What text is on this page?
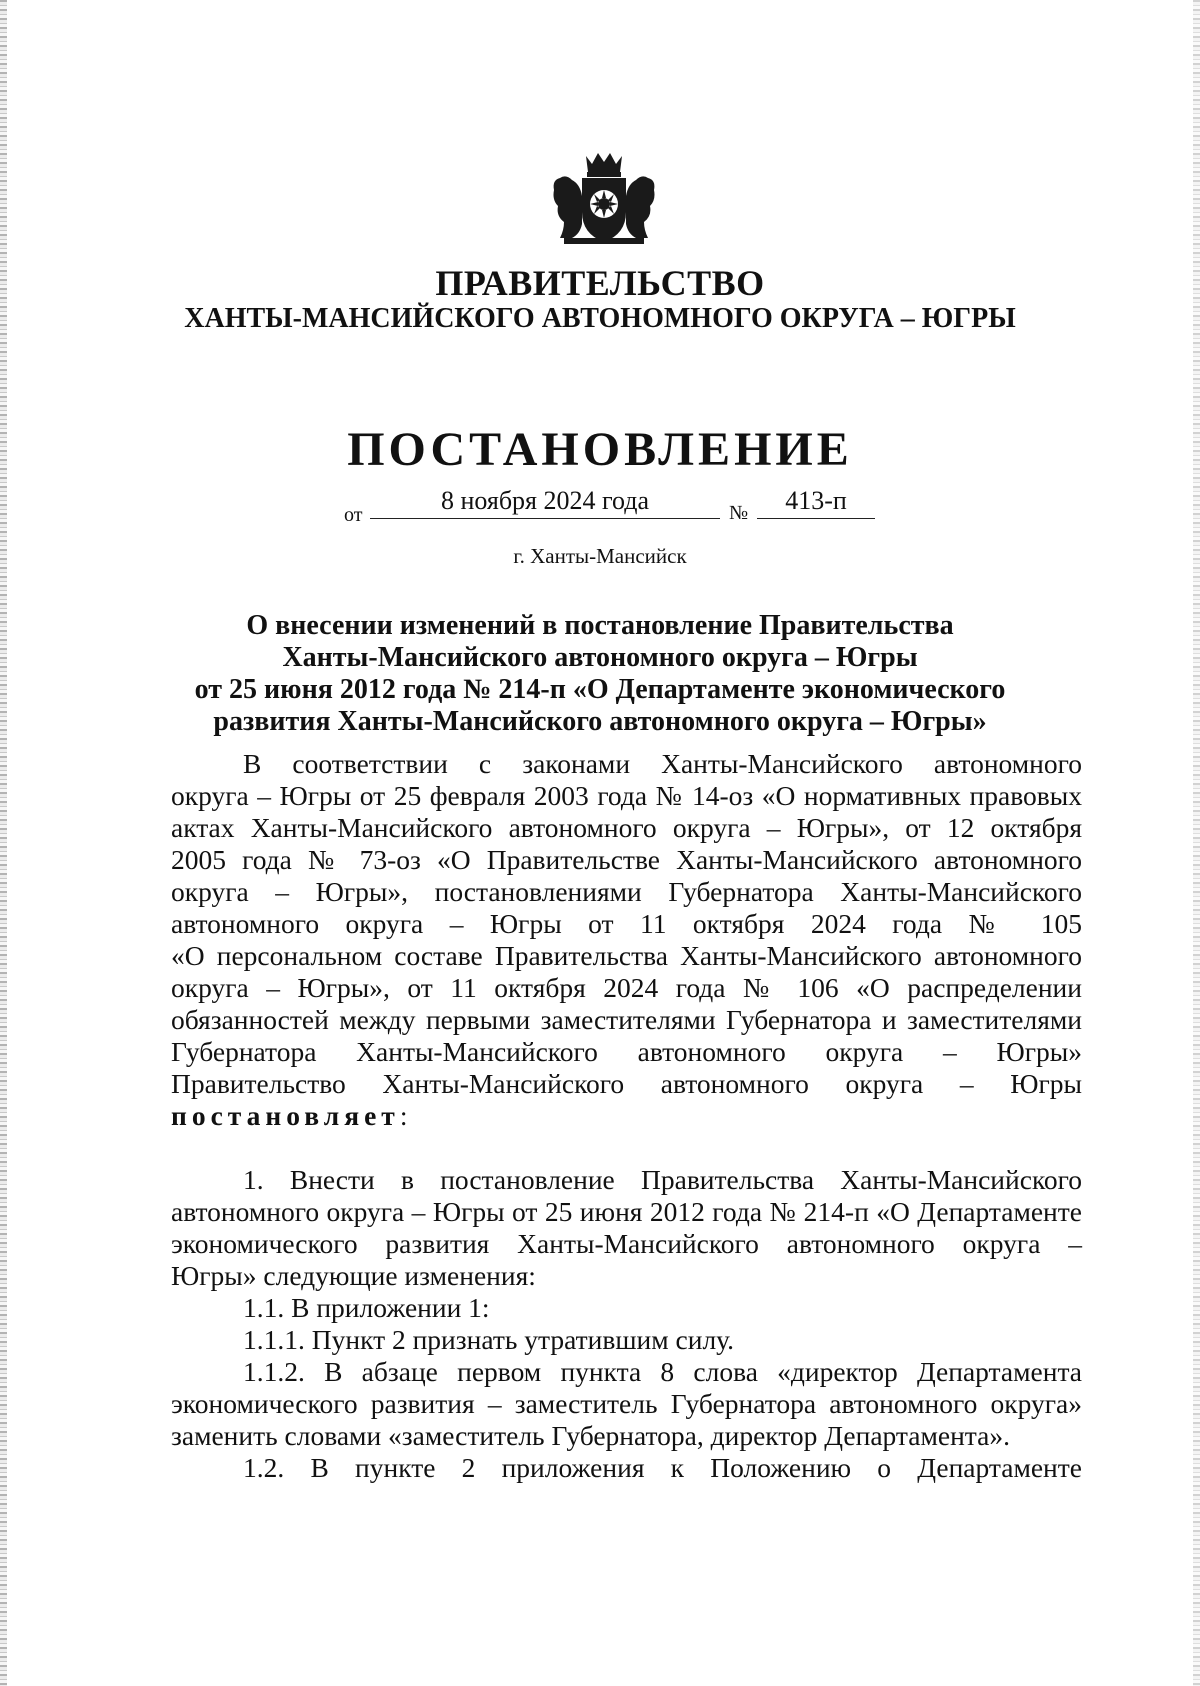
ПРАВИТЕЛЬСТВО
ХАНТЫ-МАНСИЙСКОГО АВТОНОМНОГО ОКРУГА – ЮГРЫ
ПОСТАНОВЛЕНИЕ
от	8 ноября 2024 года	№	413-п
г. Ханты-Мансийск
О внесении изменений в постановление Правительства
Ханты-Мансийского автономного округа – Югры
от 25 июня 2012 года № 214-п «О Департаменте экономического
развития Ханты-Мансийского автономного округа – Югры»
В соответствии с законами Ханты-Мансийского автономного
округа – Югры от 25 февраля 2003 года № 14-оз «О нормативных правовых
актах Ханты-Мансийского автономного округа – Югры», от 12 октября
2005 года № 73-оз «О Правительстве Ханты-Мансийского автономного
округа – Югры», постановлениями Губернатора Ханты-Мансийского
автономного округа – Югры от 11 октября 2024 года № 105
«О персональном составе Правительства Ханты-Мансийского автономного
округа – Югры», от 11 октября 2024 года № 106 «О распределении
обязанностей между первыми заместителями Губернатора и заместителями
Губернатора Ханты-Мансийского автономного округа – Югры»
Правительство Ханты-Мансийского автономного округа – Югры
постановляет:
1. Внести в постановление Правительства Ханты-Мансийского
автономного округа – Югры от 25 июня 2012 года № 214-п «О Департаменте
экономического развития Ханты-Мансийского автономного округа –
Югры» следующие изменения:
1.1. В приложении 1:
1.1.1. Пункт 2 признать утратившим силу.
1.1.2. В абзаце первом пункта 8 слова «директор Департамента
экономического развития – заместитель Губернатора автономного округа»
заменить словами «заместитель Губернатора, директор Департамента».
1.2. В пункте 2 приложения к Положению о Департаменте
